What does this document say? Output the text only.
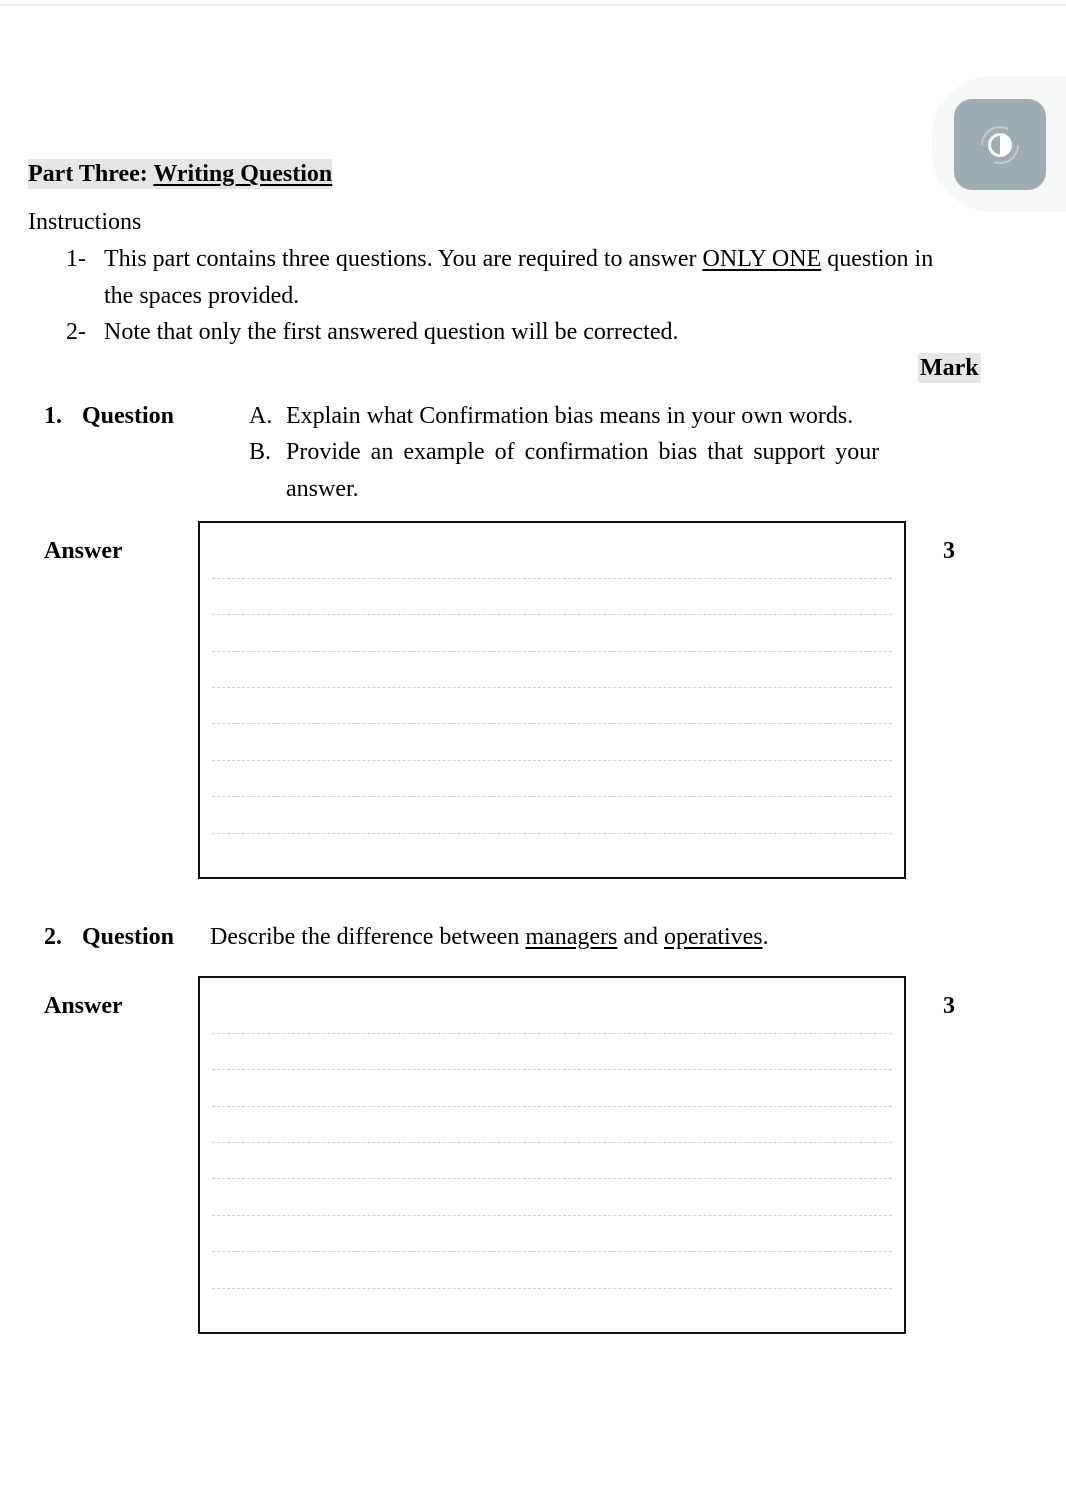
Part Three: Writing Question
Instructions
1- This part contains three questions. You are required to answer ONLY ONE question in
the spaces provided.
2- Note that only the first answered question will be corrected.
Mark
1. Question	A. Explain what Confirmation bias means in your own words.
B. Provide an example of confirmation bias that support your
answer.
Answer	3
2. Question Describe the difference between managers and operatives.
Answer	3
